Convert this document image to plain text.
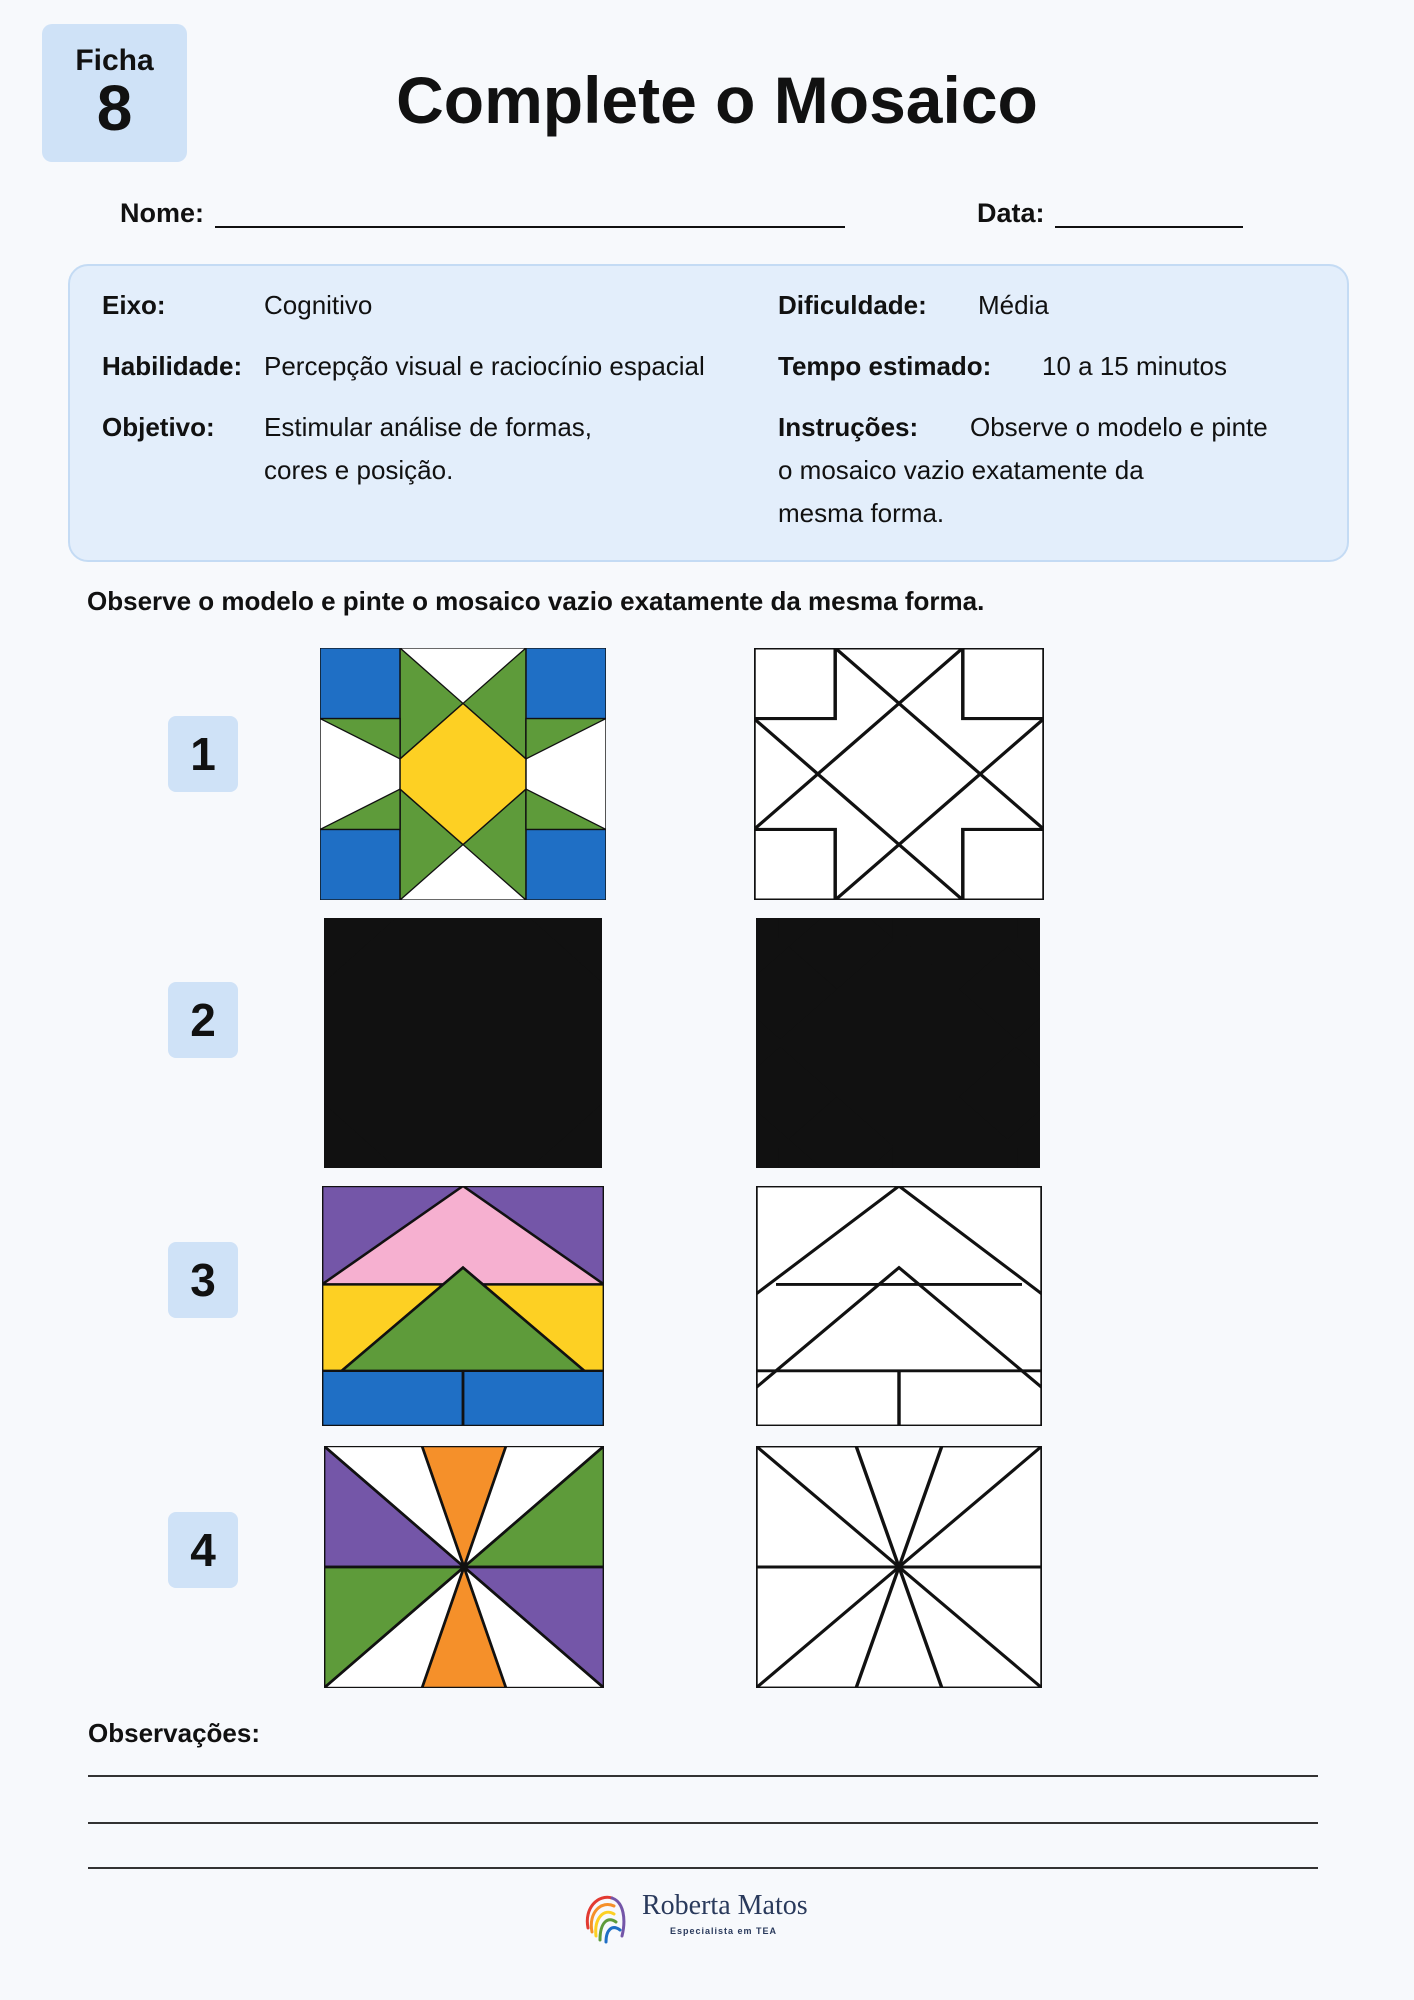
Ficha
8	Complete o Mosaico
Nome:	Data:
Eixo:	Cognitivo
Habilidade: Percepção visual e raciocínio espacial
Objetivo: Estimular análise de formas,
cores e posição.
Dificuldade: Média
Tempo estimado: 10 a 15 minutos
Instruções: Observe o modelo e pinte
o mosaico vazio exatamente da
mesma forma.
Observe o modelo e pinte o mosaico vazio exatamente da mesma forma.
1
2
3
4
Observações:
Roberta Matos
Especialista em TEA
